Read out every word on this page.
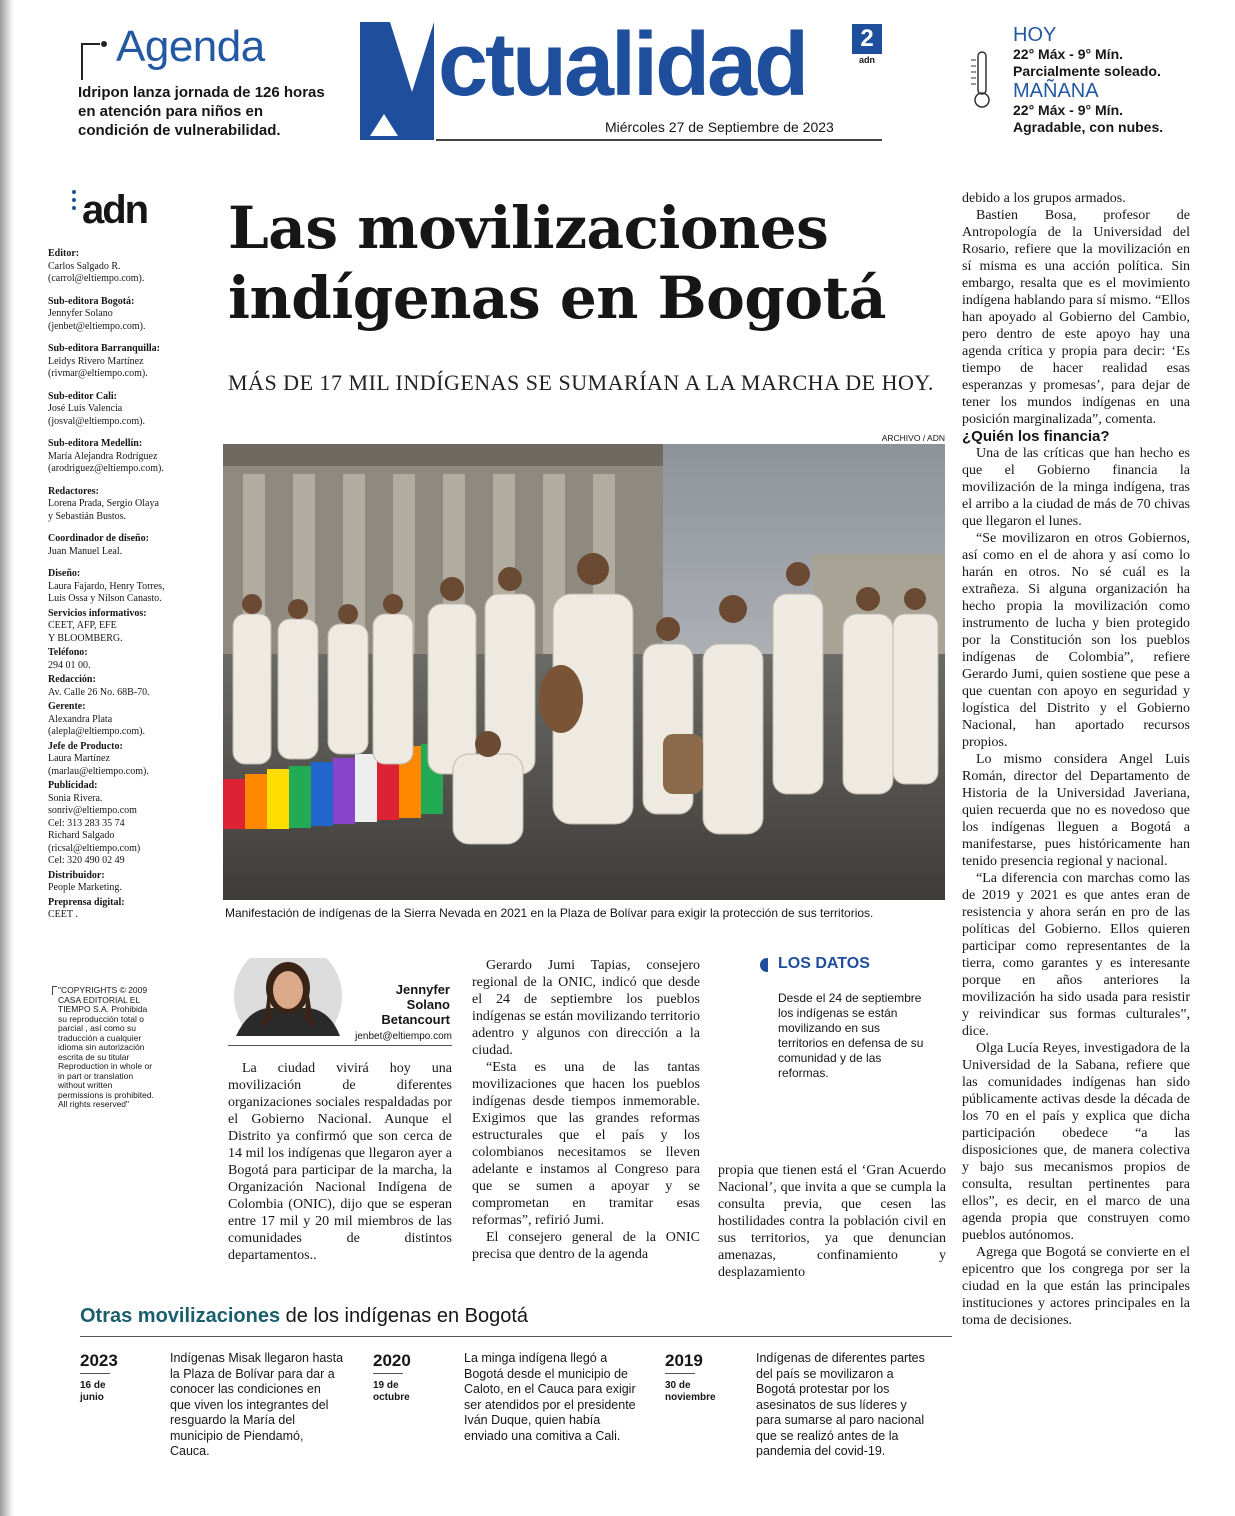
Agenda
Idripon lanza jornada de 126 horas en atención para niños en condición de vulnerabilidad.
ctualidad
Miércoles 27 de Septiembre de 2023
2
adn
HOY
22° Máx - 9° Mín.
Parcialmente soleado.
MAÑANA
22° Máx - 9° Mín.
Agradable, con nubes.
adn
Editor:
Carlos Salgado R.
(carrol@eltiempo.com).
Sub-editora Bogotá:
Jennyfer Solano
(jenbet@eltiempo.com).
Sub-editora Barranquilla:
Leidys Rivero Martínez
(rivmar@eltiempo.com).
Sub-editor Cali:
José Luis Valencia
(josval@eltiempo.com).
Sub-editora Medellín:
María Alejandra Rodríguez
(arodriguez@eltiempo.com).
Redactores:
Lorena Prada, Sergio Olaya
y Sebastián Bustos.
Coordinador de diseño:
Juan Manuel Leal.
Diseño:
Laura Fajardo, Henry Torres,
Luis Ossa y Nilson Canasto.
Servicios informativos:
CEET, AFP, EFE
Y BLOOMBERG.
Teléfono:
294 01 00.
Redacción:
Av. Calle 26 No. 68B-70.
Gerente:
Alexandra Plata
(alepla@eltiempo.com).
Jefe de Producto:
Laura Martínez
(marlau@eltiempo.com).
Publicidad:
Sonia Rivera.
sonriv@eltiempo.com
Cel: 313 283 35 74
Richard Salgado
(ricsal@eltiempo.com)
Cel: 320 490 02 49
Distribuidor:
People Marketing.
Preprensa digital:
CEET .
"COPYRIGHTS © 2009 CASA EDITORIAL EL TIEMPO S.A. Prohibida su reproducción total o parcial , así como su traducción a cualquier idioma sin autorización escrita de su titular Reproduction in whole or in part or translation without written permissions is prohibited. All rights reserved"
Las movilizaciones
indígenas en Bogotá
MÁS DE 17 MIL INDÍGENAS SE SUMARÍAN A LA MARCHA DE HOY.
ARCHIVO / ADN
Manifestación de indígenas de la Sierra Nevada en 2021 en la Plaza de Bolívar para exigir la protección de sus territorios.
Jennyfer
Solano
Betancourt
jenbet@eltiempo.com

La ciudad vivirá hoy una movilización de diferentes organizaciones sociales respaldadas por el Gobierno Nacional. Aunque el Distrito ya confirmó que son cerca de 14 mil los indígenas que llegaron ayer a Bogotá para participar de la marcha, la Organización Nacional Indígena de Colombia (ONIC), dijo que se esperan entre 17 mil y 20 mil miembros de las comunidades de distintos departamentos..

Gerardo Jumi Tapias, consejero regional de la ONIC, indicó que desde el 24 de septiembre los pueblos indígenas se están movilizando territorio adentro y algunos con dirección a la ciudad.

“Esta es una de las tantas movilizaciones que hacen los pueblos indígenas desde tiempos inmemorable. Exigimos que las grandes reformas estructurales que el país y los colombianos necesitamos se lleven adelante e instamos al Congreso para que se sumen a apoyar y se comprometan en tramitar esas reformas”, refirió Jumi.

El consejero general de la ONIC precisa que dentro de la agenda

LOS DATOS
Desde el 24 de septiembre los indígenas se están movilizando en sus territorios en defensa de su comunidad y de las reformas.

propia que tienen está el ‘Gran Acuerdo Nacional’, que invita a que se cumpla la consulta previa, que cesen las hostilidades contra la población civil en sus territorios, ya que denuncian amenazas, confinamiento y desplazamiento

debido a los grupos armados.

Bastien Bosa, profesor de Antropología de la Universidad del Rosario, refiere que la movilización en sí misma es una acción política. Sin embargo, resalta que es el movimiento indígena hablando para sí mismo. “Ellos han apoyado al Gobierno del Cambio, pero dentro de este apoyo hay una agenda crítica y propia para decir: ‘Es tiempo de hacer realidad esas esperanzas y promesas’, para dejar de tener los mundos indígenas en una posición marginalizada”, comenta.

¿Quién los financia?

Una de las críticas que han hecho es que el Gobierno financia la movilización de la minga indígena, tras el arribo a la ciudad de más de 70 chivas que llegaron el lunes.

“Se movilizaron en otros Gobiernos, así como en el de ahora y así como lo harán en otros. No sé cuál es la extrañeza. Si alguna organización ha hecho propia la movilización como instrumento de lucha y bien protegido por la Constitución son los pueblos indígenas de Colombia”, refiere Gerardo Jumi, quien sostiene que pese a que cuentan con apoyo en seguridad y logística del Distrito y el Gobierno Nacional, han aportado recursos propios.

Lo mismo considera Angel Luis Román, director del Departamento de Historia de la Universidad Javeriana, quien recuerda que no es novedoso que los indígenas lleguen a Bogotá a manifestarse, pues históricamente han tenido presencia regional y nacional.

“La diferencia con marchas como las de 2019 y 2021 es que antes eran de resistencia y ahora serán en pro de las políticas del Gobierno. Ellos quieren participar como representantes de la tierra, como garantes y es interesante porque en años anteriores la movilización ha sido usada para resistir y reivindicar sus formas culturales”, dice.

Olga Lucía Reyes, investigadora de la Universidad de la Sabana, refiere que las comunidades indígenas han sido públicamente activas desde la década de los 70 en el país y explica que dicha participación obedece “a las disposiciones que, de manera colectiva y bajo sus mecanismos propios de consulta, resultan pertinentes para ellos”, es decir, en el marco de una agenda propia que construyen como pueblos autónomos.

Agrega que Bogotá se convierte en el epicentro que los congrega por ser la ciudad en la que están las principales instituciones y actores principales en la toma de decisiones.

Otras movilizaciones de los indígenas en Bogotá
2023
16 de
junio
Indígenas Misak llegaron hasta la Plaza de Bolívar para dar a conocer las condiciones en que viven los integrantes del resguardo la María del municipio de Piendamó, Cauca.
2020
19 de
octubre
La minga indígena llegó a Bogotá desde el municipio de Caloto, en el Cauca para exigir ser atendidos por el presidente Iván Duque, quien había enviado una comitiva a Cali.
2019
30 de
noviembre
Indígenas de diferentes partes del país se movilizaron a Bogotá protestar por los asesinatos de sus líderes y para sumarse al paro nacional que se realizó antes de la pandemia del covid-19.
